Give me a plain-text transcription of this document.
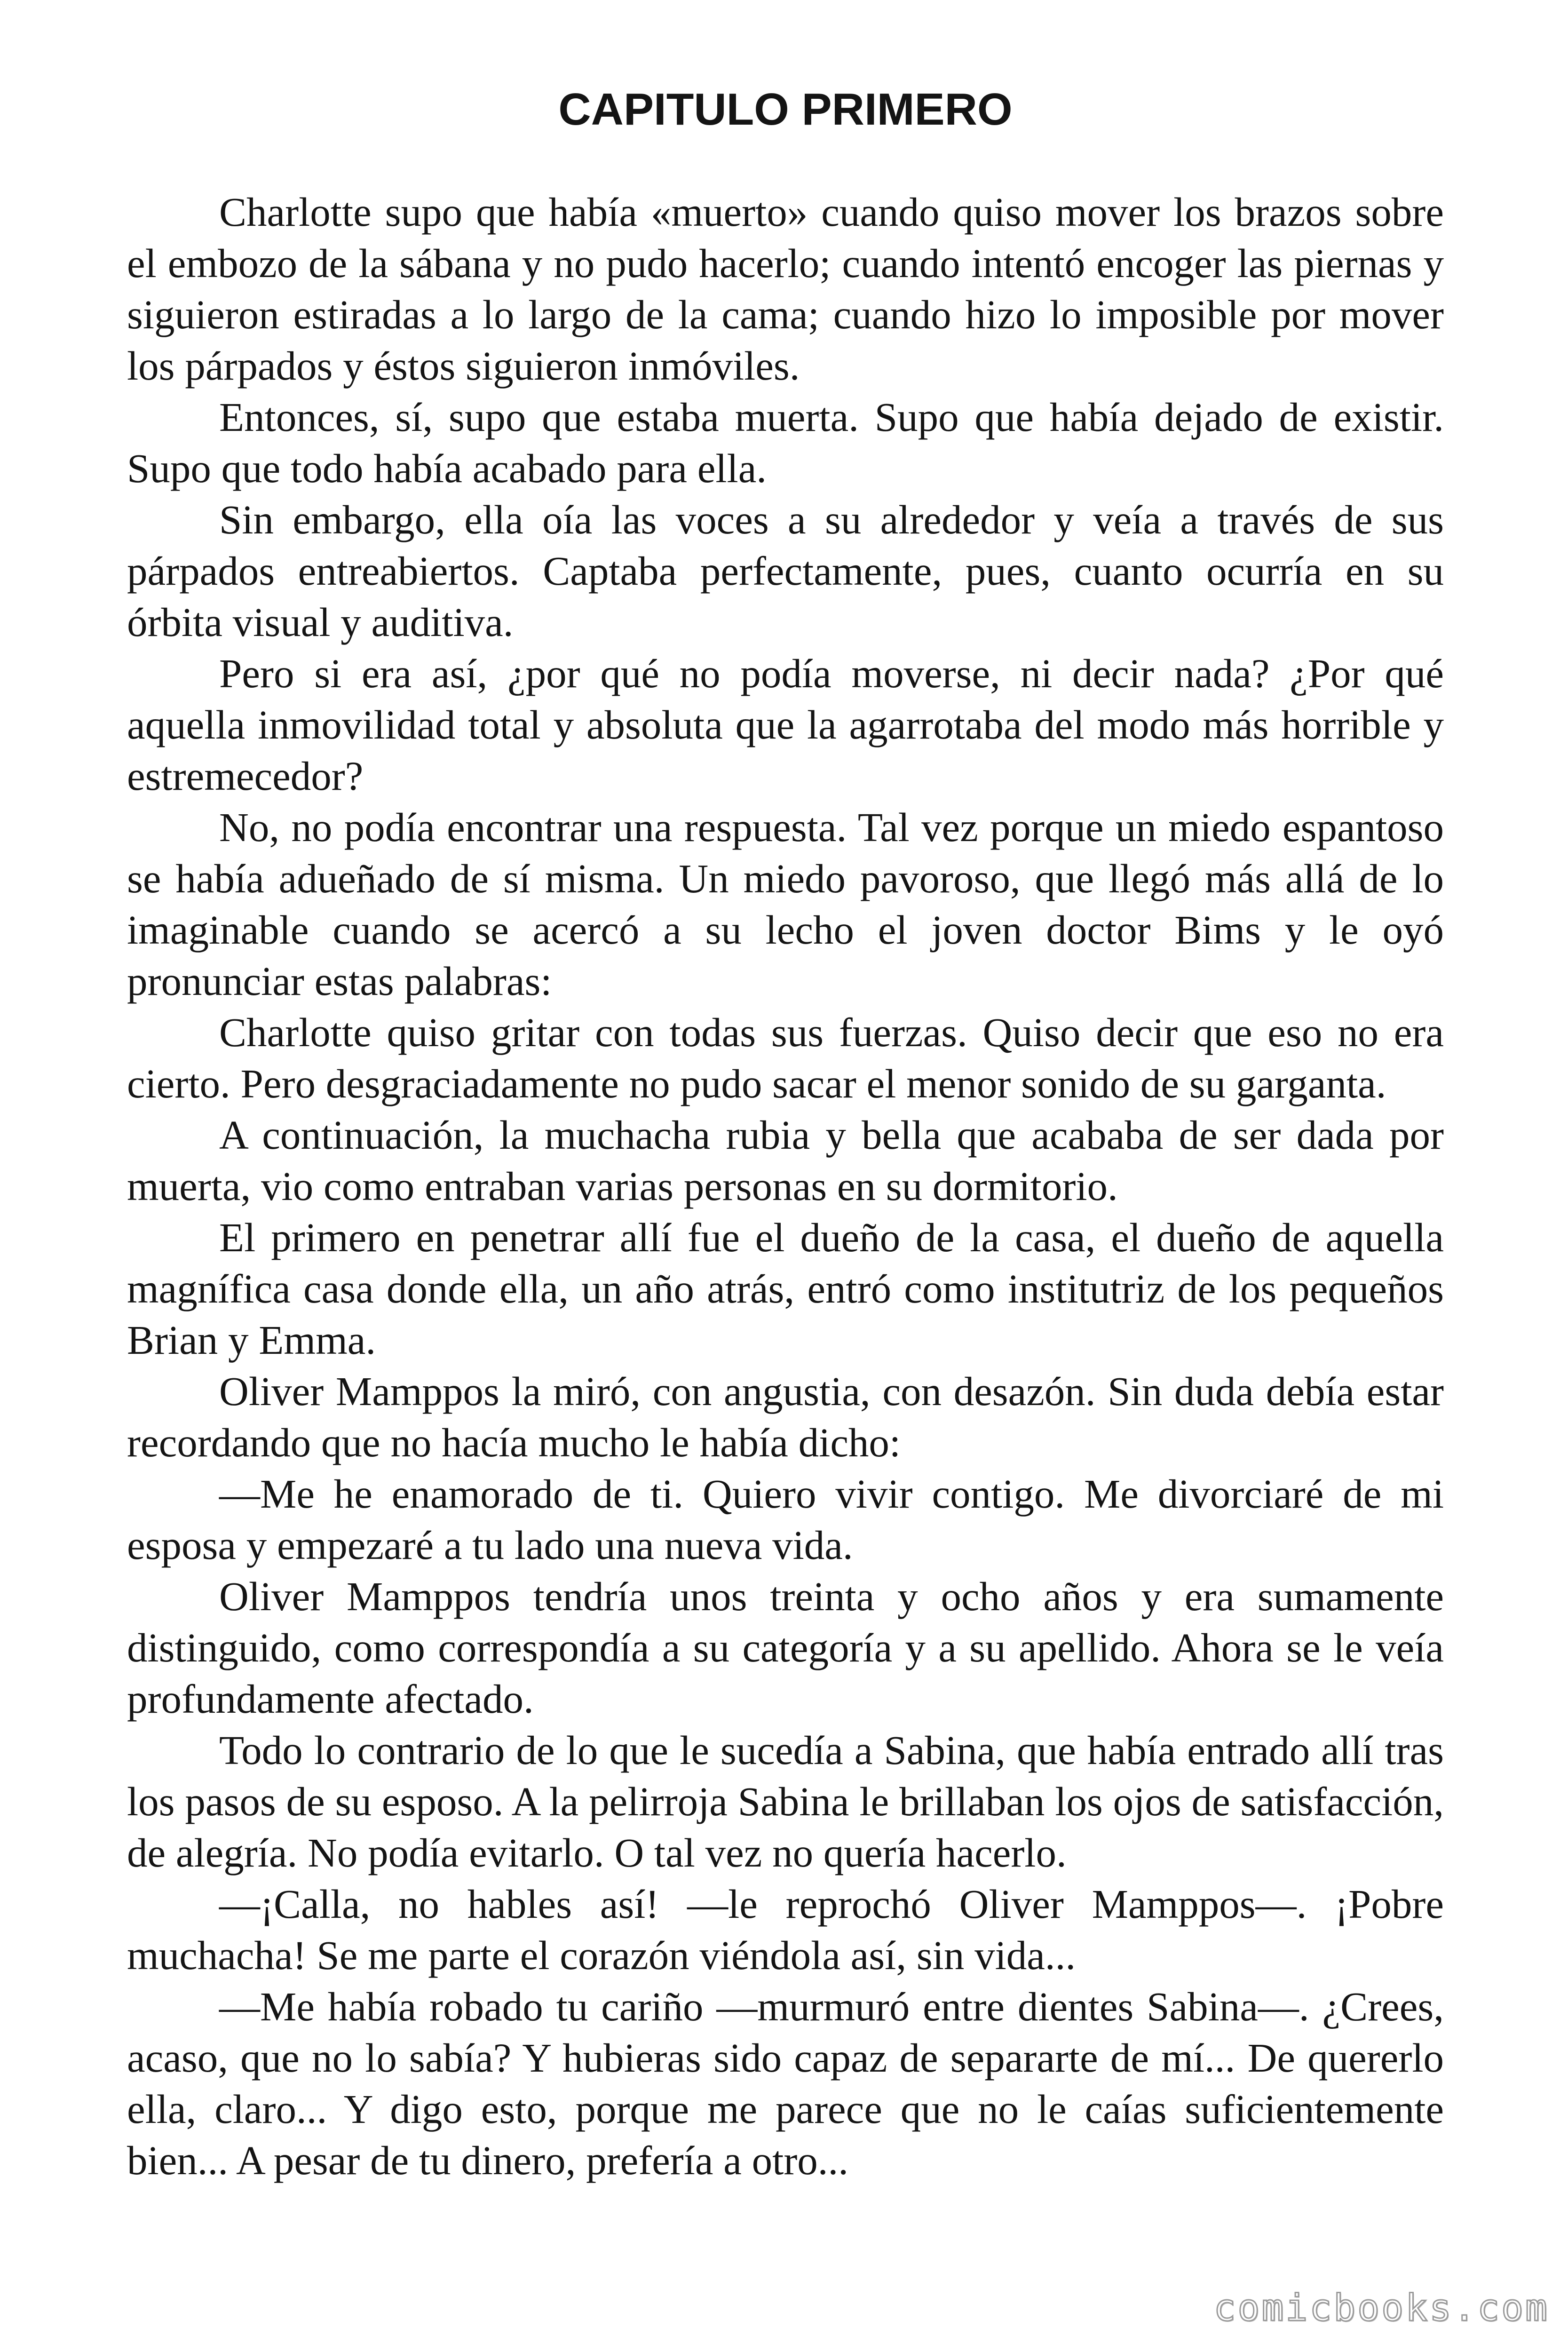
CAPITULO PRIMERO

Charlotte supo que había «muerto» cuando quiso mover los brazos sobre el embozo de la sábana y no pudo hacerlo; cuando intentó encoger las piernas y siguieron estiradas a lo largo de la cama; cuando hizo lo imposible por mover los párpados y éstos siguieron inmóviles.

Entonces, sí, supo que estaba muerta. Supo que había dejado de existir. Supo que todo había acabado para ella.

Sin embargo, ella oía las voces a su alrededor y veía a través de sus párpados entreabiertos. Captaba perfectamente, pues, cuanto ocurría en su órbita visual y auditiva.

Pero si era así, ¿por qué no podía moverse, ni decir nada? ¿Por qué aquella inmovilidad total y absoluta que la agarrotaba del modo más horrible y estremecedor?

No, no podía encontrar una respuesta. Tal vez porque un miedo espantoso se había adueñado de sí misma. Un miedo pavoroso, que llegó más allá de lo imaginable cuando se acercó a su lecho el joven doctor Bims y le oyó pronunciar estas palabras:

Charlotte quiso gritar con todas sus fuerzas. Quiso decir que eso no era cierto. Pero desgraciadamente no pudo sacar el menor sonido de su garganta.

A continuación, la muchacha rubia y bella que acababa de ser dada por muerta, vio como entraban varias personas en su dormitorio.

El primero en penetrar allí fue el dueño de la casa, el dueño de aquella magnífica casa donde ella, un año atrás, entró como institutriz de los pequeños Brian y Emma.

Oliver Mamppos la miró, con angustia, con desazón. Sin duda debía estar recordando que no hacía mucho le había dicho:

—Me he enamorado de ti. Quiero vivir contigo. Me divorciaré de mi esposa y empezaré a tu lado una nueva vida.

Oliver Mamppos tendría unos treinta y ocho años y era sumamente distinguido, como correspondía a su categoría y a su apellido. Ahora se le veía profundamente afectado.

Todo lo contrario de lo que le sucedía a Sabina, que había entrado allí tras los pasos de su esposo. A la pelirroja Sabina le brillaban los ojos de satisfacción, de alegría. No podía evitarlo. O tal vez no quería hacerlo.

—¡Calla, no hables así! —le reprochó Oliver Mamppos—. ¡Pobre muchacha! Se me parte el corazón viéndola así, sin vida...

—Me había robado tu cariño —murmuró entre dientes Sabina—. ¿Crees, acaso, que no lo sabía? Y hubieras sido capaz de separarte de mí... De quererlo ella, claro... Y digo esto, porque me parece que no le caías suficientemente bien... A pesar de tu dinero, prefería a otro...

comicbooks.com
